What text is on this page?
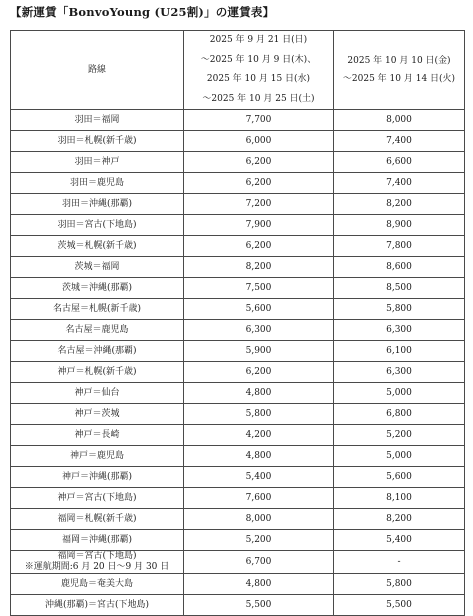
【新運賃「BonvoYoung (U25割)」の運賃表】
路線	2025 年 9 月 21 日(日)
～2025 年 10 月 9 日(木)、
2025 年 10 月 15 日(水)
～2025 年 10 月 25 日(土)	2025 年 10 月 10 日(金)
～2025 年 10 月 14 日(火)

羽田＝福岡	7,700	8,000
羽田＝札幌(新千歳)	6,000	7,400
羽田＝神戸	6,200	6,600
羽田＝鹿児島	6,200	7,400
羽田＝沖縄(那覇)	7,200	8,200
羽田＝宮古(下地島)	7,900	8,900
茨城＝札幌(新千歳)	6,200	7,800
茨城＝福岡	8,200	8,600
茨城＝沖縄(那覇)	7,500	8,500
名古屋＝札幌(新千歳)	5,600	5,800
名古屋＝鹿児島	6,300	6,300
名古屋＝沖縄(那覇)	5,900	6,100
神戸＝札幌(新千歳)	6,200	6,300
神戸＝仙台	4,800	5,000
神戸＝茨城	5,800	6,800
神戸＝長崎	4,200	5,200
神戸＝鹿児島	4,800	5,000
神戸＝沖縄(那覇)	5,400	5,600
神戸＝宮古(下地島)	7,600	8,100
福岡＝札幌(新千歳)	8,000	8,200
福岡＝沖縄(那覇)	5,200	5,400

福岡＝宮古(下地島)
※運航期間:6 月 20 日～9 月 30 日	6,700	-
鹿児島＝奄美大島	4,800	5,800
沖縄(那覇)＝宮古(下地島)	5,500	5,500
